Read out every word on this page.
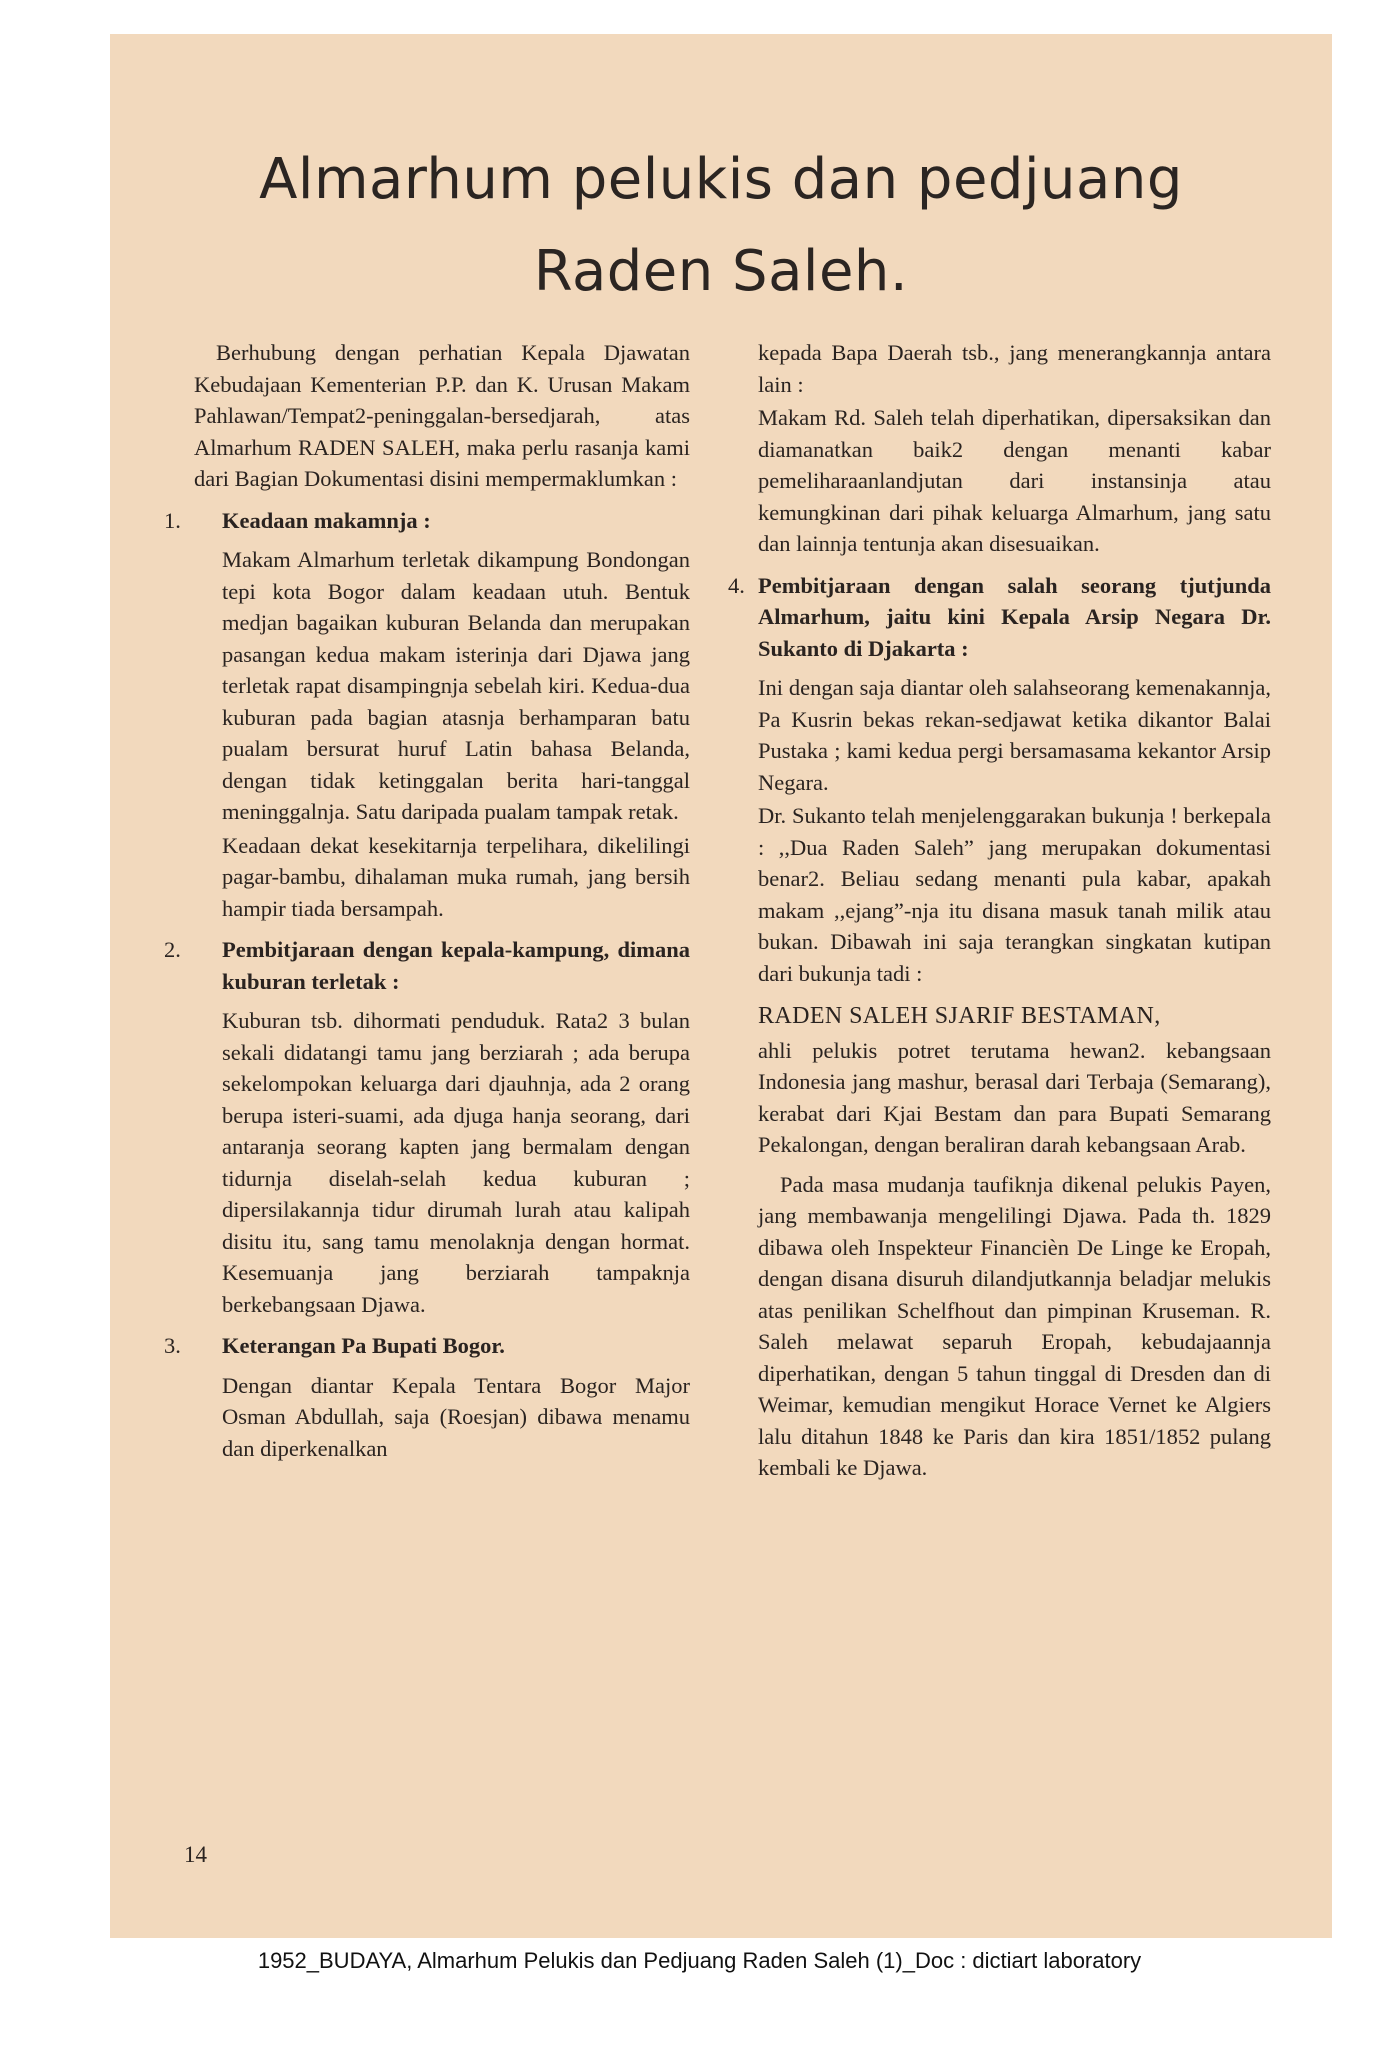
Almarhum pelukis dan pedjuang
Raden Saleh.

Berhubung dengan perhatian Kepala Djawatan Kebudajaan Kementerian P.P. dan K. Urusan Makam Pahlawan/Tempat2-peninggalan-bersedjarah, atas Almarhum RADEN SALEH, maka perlu rasanja kami dari Bagian Dokumentasi disini mempermaklumkan :

1. Keadaan makamnja :

Makam Almarhum terletak dikampung Bondongan tepi kota Bogor dalam keadaan utuh. Bentuk medjan bagaikan kuburan Belanda dan merupakan pasangan kedua makam isterinja dari Djawa jang terletak rapat disampingnja sebelah kiri. Kedua-dua kuburan pada bagian atasnja berhamparan batu pualam bersurat huruf Latin bahasa Belanda, dengan tidak ketinggalan berita hari-tanggal meninggalnja. Satu daripada pualam tampak retak.

Keadaan dekat kesekitarnja terpelihara, dikelilingi pagar-bambu, dihalaman muka rumah, jang bersih hampir tiada bersampah.

2. Pembitjaraan dengan kepala-kampung, dimana kuburan terletak :

Kuburan tsb. dihormati penduduk. Rata2 3 bulan sekali didatangi tamu jang berziarah ; ada berupa sekelompokan keluarga dari djauhnja, ada 2 orang berupa isteri-suami, ada djuga hanja seorang, dari antaranja seorang kapten jang bermalam dengan tidurnja diselah-selah kedua kuburan ; dipersilakannja tidur dirumah lurah atau kalipah disitu itu, sang tamu menolaknja dengan hormat. Kesemuanja jang berziarah tampaknja berkebangsaan Djawa.

3. Keterangan Pa Bupati Bogor.

Dengan diantar Kepala Tentara Bogor Major Osman Abdullah, saja (Roesjan) dibawa menamu dan diperkenalkan

kepada Bapa Daerah tsb., jang menerangkannja antara lain :

Makam Rd. Saleh telah diperhatikan, dipersaksikan dan diamanatkan baik2 dengan menanti kabar pemeliharaanlandjutan dari instansinja atau kemungkinan dari pihak keluarga Almarhum, jang satu dan lainnja tentunja akan disesuaikan.

4. Pembitjaraan dengan salah seorang tjutjunda Almarhum, jaitu kini Kepala Arsip Negara Dr. Sukanto di Djakarta :

Ini dengan saja diantar oleh salahseorang kemenakannja, Pa Kusrin bekas rekan-sedjawat ketika dikantor Balai Pustaka ; kami kedua pergi bersamasama kekantor Arsip Negara.

Dr. Sukanto telah menjelenggarakan bukunja ! berkepala : ,,Dua Raden Saleh” jang merupakan dokumentasi benar2. Beliau sedang menanti pula kabar, apakah makam ,,ejang”-nja itu disana masuk tanah milik atau bukan. Dibawah ini saja terangkan singkatan kutipan dari bukunja tadi :

RADEN SALEH SJARIF BESTAMAN,

ahli pelukis potret terutama hewan2. kebangsaan Indonesia jang mashur, berasal dari Terbaja (Semarang), kerabat dari Kjai Bestam dan para Bupati Semarang Pekalongan, dengan beraliran darah kebangsaan Arab.

Pada masa mudanja taufiknja dikenal pelukis Payen, jang membawanja mengelilingi Djawa. Pada th. 1829 dibawa oleh Inspekteur Financièn De Linge ke Eropah, dengan disana disuruh dilandjutkannja beladjar melukis atas penilikan Schelfhout dan pimpinan Kruseman. R. Saleh melawat separuh Eropah, kebudajaannja diperhatikan, dengan 5 tahun tinggal di Dresden dan di Weimar, kemudian mengikut Horace Vernet ke Algiers lalu ditahun 1848 ke Paris dan kira 1851/1852 pulang kembali ke Djawa.

14
1952_BUDAYA, Almarhum Pelukis dan Pedjuang Raden Saleh (1)_Doc : dictiart laboratory
